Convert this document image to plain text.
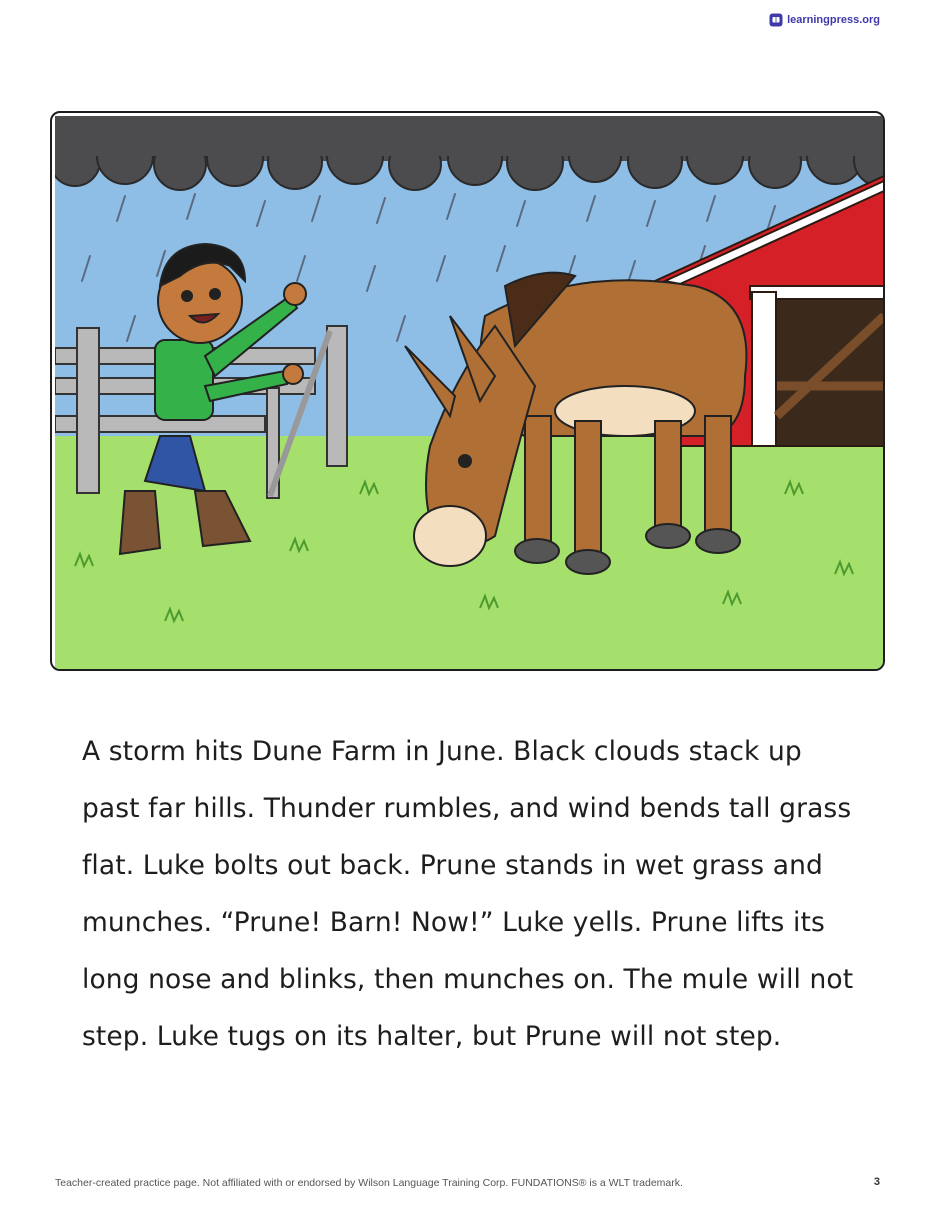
learningpress.org

A storm hits Dune Farm in June. Black clouds stack up

past far hills. Thunder rumbles, and wind bends tall grass

flat. Luke bolts out back. Prune stands in wet grass and

munches. “Prune! Barn! Now!” Luke yells. Prune lifts its

long nose and blinks, then munches on. The mule will not

step. Luke tugs on its halter, but Prune will not step.

Teacher-created practice page. Not affiliated with or endorsed by Wilson Language Training Corp. FUNDATIONS® is a WLT trademark.	3
